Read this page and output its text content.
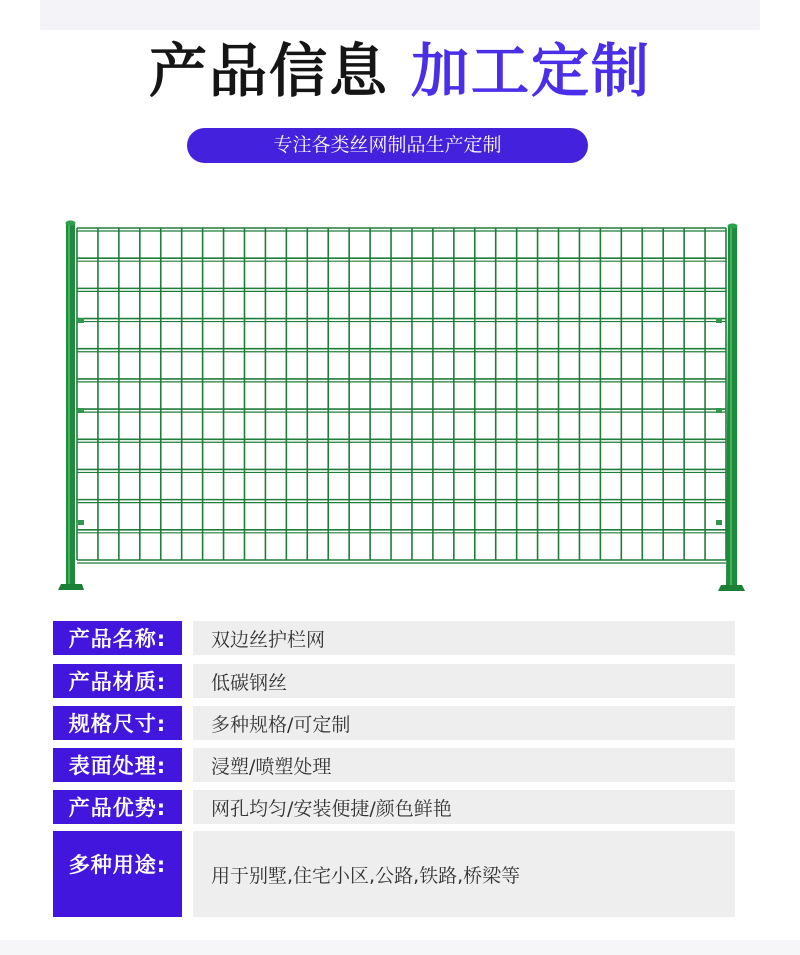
产品信息 加工定制
专注各类丝网制品生产定制
产品名称:	双边丝护栏网
产品材质:	低碳钢丝
规格尺寸:	多种规格/可定制
表面处理:	浸塑/喷塑处理
产品优势:	网孔均匀/安装便捷/颜色鲜艳
多种用途:	用于别墅,住宅小区,公路,铁路,桥梁等
